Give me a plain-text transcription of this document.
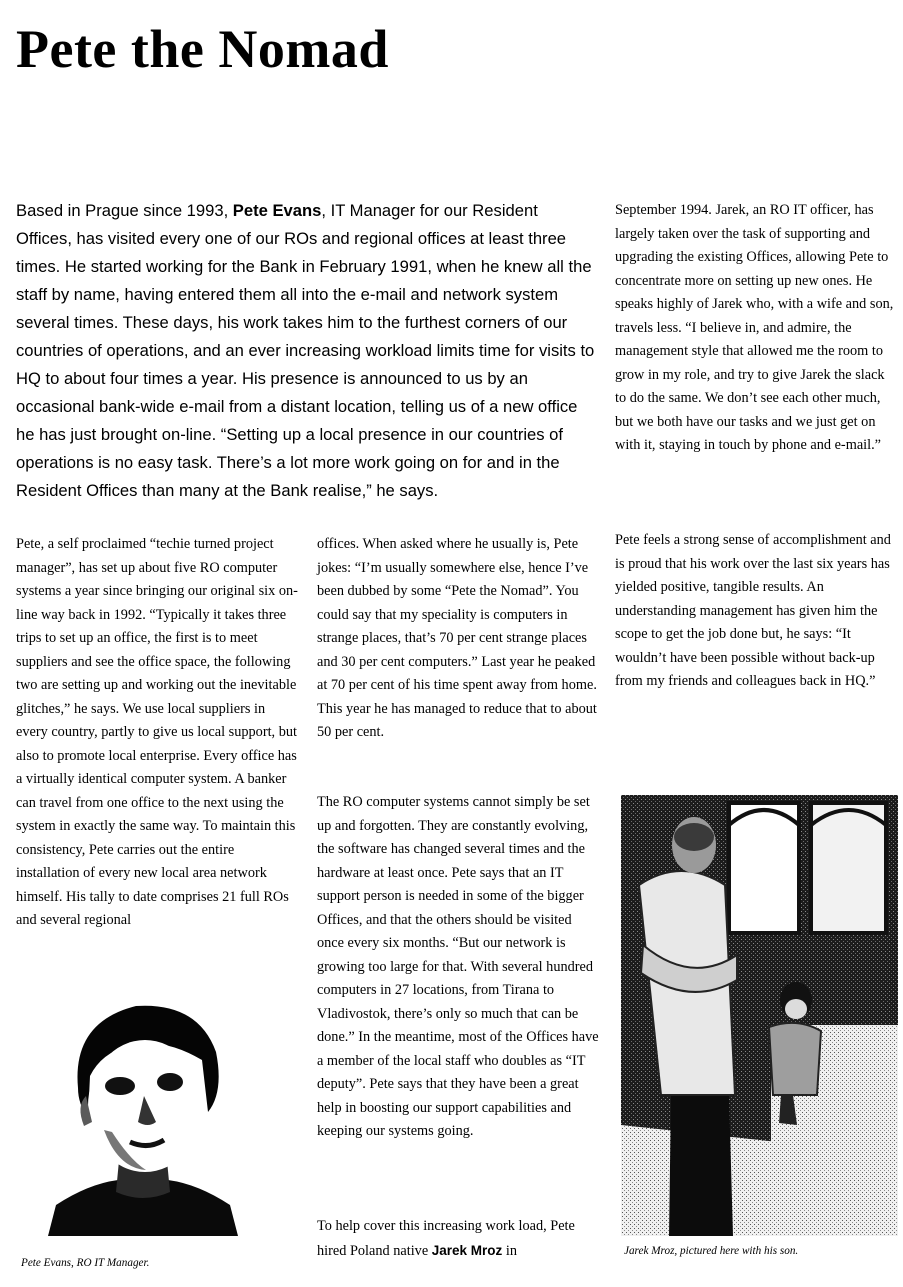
Pete the Nomad

Based in Prague since 1993, Pete Evans, IT Manager for our Resident Offices, has visited every one of our ROs and regional offices at least three times. He started working for the Bank in February 1991, when he knew all the staff by name, having entered them all into the e-mail and network system several times. These days, his work takes him to the furthest corners of our countries of operations, and an ever increasing workload limits time for visits to HQ to about four times a year. His presence is announced to us by an occasional bank-wide e-mail from a distant location, telling us of a new office he has just brought on-line. “Setting up a local presence in our countries of operations is no easy task. There’s a lot more work going on for and in the Resident Offices than many at the Bank realise,” he says.

Pete, a self proclaimed “techie turned project manager”, has set up about five RO computer systems a year since bringing our original six on-line way back in 1992. “Typically it takes three trips to set up an office, the first is to meet suppliers and see the office space, the following two are setting up and working out the inevitable glitches,” he says. We use local suppliers in every country, partly to give us local support, but also to promote local enterprise. Every office has a virtually identical computer system. A banker can travel from one office to the next using the system in exactly the same way. To maintain this consistency, Pete carries out the entire installation of every new local area network himself. His tally to date comprises 21 full ROs and several regional

offices. When asked where he usually is, Pete jokes: “I’m usually somewhere else, hence I’ve been dubbed by some “Pete the Nomad”. You could say that my speciality is computers in strange places, that’s 70 per cent strange places and 30 per cent computers.” Last year he peaked at 70 per cent of his time spent away from home. This year he has managed to reduce that to about 50 per cent.

The RO computer systems cannot simply be set up and forgotten. They are constantly evolving, the software has changed several times and the hardware at least once. Pete says that an IT support person is needed in some of the bigger Offices, and that the others should be visited once every six months. “But our network is growing too large for that. With several hundred computers in 27 locations, from Tirana to Vladivostok, there’s only so much that can be done.” In the meantime, most of the Offices have a member of the local staff who doubles as “IT deputy”. Pete says that they have been a great help in boosting our support capabilities and keeping our systems going.

To help cover this increasing work load, Pete hired Poland native Jarek Mroz in

September 1994. Jarek, an RO IT officer, has largely taken over the task of supporting and upgrading the existing Offices, allowing Pete to concentrate more on setting up new ones. He speaks highly of Jarek who, with a wife and son, travels less. “I believe in, and admire, the management style that allowed me the room to grow in my role, and try to give Jarek the slack to do the same. We don’t see each other much, but we both have our tasks and we just get on with it, staying in touch by phone and e-mail.”

Pete feels a strong sense of accomplishment and is proud that his work over the last six years has yielded positive, tangible results. An understanding management has given him the scope to get the job done but, he says: “It wouldn’t have been possible without back-up from my friends and colleagues back in HQ.”

Pete Evans, RO IT Manager.

Jarek Mroz, pictured here with his son.
